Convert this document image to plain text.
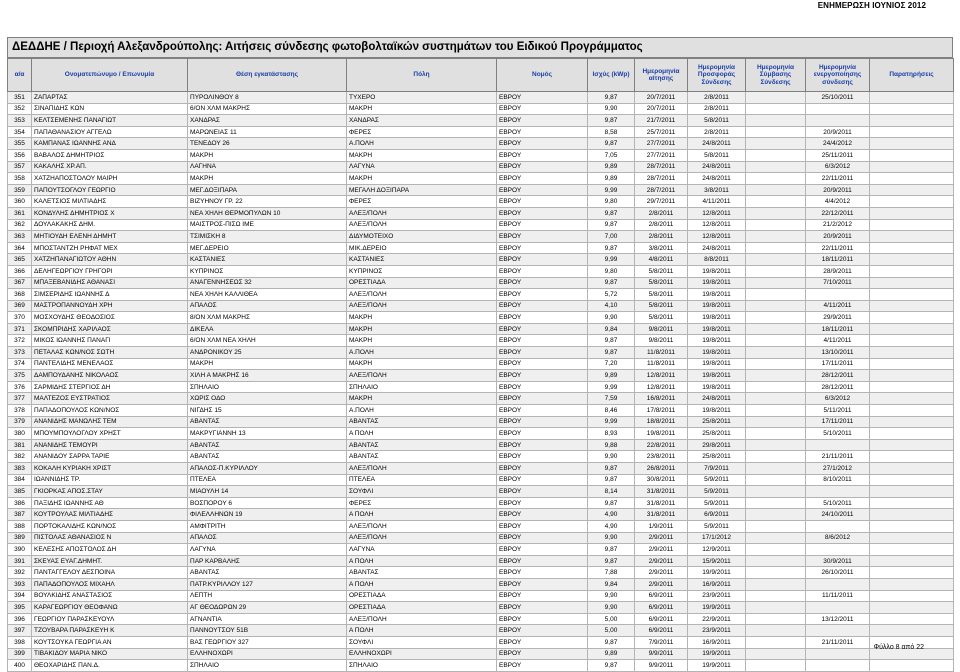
ΕΝΗΜΕΡΩΣΗ ΙΟΥΝΙΟΣ 2012
ΔΕΔΔΗΕ / Περιοχή Αλεξανδρούπολης: Αιτήσεις σύνδεσης φωτοβολταϊκών συστημάτων του Ειδικού Προγράμματος
α/α	Ονοματεπώνυμο / Επωνυμία	Θέση εγκατάστασης	Πόλη	Νομός	Ισχύς (kWp)	Ημερομηνία αίτησης	Ημερομηνία Προσφοράς Σύνδεσης	Ημερομηνία Σύμβασης Σύνδεσης	Ημερομηνία ενεργοποίησης σύνδεσης	Παρατηρήσεις
351	ΖΑΠΑΡΤΑΣ	ΠΥΡΟΛΙΝΘΟΥ 8	ΤΥΧΕΡΟ	ΕΒΡΟΥ	9,87	20/7/2011	2/8/2011		25/10/2011	
352	ΣΙΝΑΠΙΔΗΣ ΚΩΝ	6/ΟΝ ΧΛΜ ΜΑΚΡΗΣ	ΜΑΚΡΗ	ΕΒΡΟΥ	9,90	20/7/2011	2/8/2011			
353	ΚΕΛΤΣΕΜΕΝΗΣ ΠΑΝΑΓΙΩΤ	ΧΑΝΔΡΑΣ	ΧΑΝΔΡΑΣ	ΕΒΡΟΥ	9,87	21/7/2011	5/8/2011			
354	ΠΑΠΑΘΑΝΑΣΙΟΥ ΑΓΓΕΛΩ	ΜΑΡΩΝΕΙΑΣ 11	ΦΕΡΕΣ	ΕΒΡΟΥ	8,58	25/7/2011	2/8/2011		20/9/2011	
355	ΚΑΜΠΑΝΑΣ ΙΩΑΝΝΗΣ ΑΝΔ	ΤΕΝΕΔΟΥ 26	Α.ΠΟΛΗ	ΕΒΡΟΥ	9,87	27/7/2011	24/8/2011		24/4/2012	
356	ΒΑΒΑΛΟΣ ΔΗΜΗΤΡΙΟΣ	ΜΑΚΡΗ	ΜΑΚΡΗ	ΕΒΡΟΥ	7,05	27/7/2011	5/8/2011		25/11/2011	
357	ΚΑΚΑΛΗΣ ΧΡ.ΑΠ.	ΛΑΓΗΝΑ	ΛΑΓΥΝΑ	ΕΒΡΟΥ	9,89	28/7/2011	24/8/2011		6/3/2012	
358	ΧΑΤΖΗΑΠΟΣΤΟΛΟΥ ΜΑΙΡΗ	ΜΑΚΡΗ	ΜΑΚΡΗ	ΕΒΡΟΥ	9,89	28/7/2011	24/8/2011		22/11/2011	
359	ΠΑΠΟΥΤΣΟΓΛΟΥ ΓΕΩΡΓΙΟ	ΜΕΓ.ΔΟΞΙΠΑΡΑ	ΜΕΓΑΛΗ ΔΟΞΙΠΑΡΑ	ΕΒΡΟΥ	9,99	28/7/2011	3/8/2011		20/9/2011	
360	ΚΑΛΕΤΣΙΟΣ ΜΙΛΤΙΑΔΗΣ	ΒΙΖΥΗΝΟΥ ΓΡ. 22	ΦΕΡΕΣ	ΕΒΡΟΥ	9,80	29/7/2011	4/11/2011		4/4/2012	
361	ΚΟΝΔΥΛΗΣ ΔΗΜΗΤΡΙΟΣ Χ	ΝΕΑ ΧΗΛΗ ΘΕΡΜΟΠΥΛΩΝ 10	ΑΛΕΞ/ΠΟΛΗ	ΕΒΡΟΥ	9,87	2/8/2011	12/8/2011		22/12/2011	
362	ΔΟΥΛΑΚΑΚΗΣ ΔΗΜ.	ΜΑΙΣΤΡΟΣ-ΠΙΣΩ ΙΜΕ	ΑΛΕΞ/ΠΟΛΗ	ΕΒΡΟΥ	9,87	2/8/2011	12/8/2011		21/2/2012	
363	ΜΗΤΙΟΥΔΗ ΕΛΕΝΗ ΔΗΜΗΤ	ΤΣΙΜΙΣΚΗ 8	ΔΙΔΥΜΟΤΕΙΧΟ	ΕΒΡΟΥ	7,00	2/8/2011	12/8/2011		20/9/2011	
364	ΜΠΟΣΤΑΝΤΖΗ ΡΗΦΑΤ ΜΕΧ	ΜΕΓ.ΔΕΡΕΙΟ	ΜΙΚ.ΔΕΡΕΙΟ	ΕΒΡΟΥ	9,87	3/8/2011	24/8/2011		22/11/2011	
365	ΧΑΤΖΗΠΑΝΑΓΙΩΤΟΥ ΑΘΗΝ	ΚΑΣΤΑΝΙΕΣ	ΚΑΣΤΑΝΙΕΣ	ΕΒΡΟΥ	9,99	4/8/2011	8/8/2011		18/11/2011	
366	ΔΕΛΗΓΕΩΡΓΙΟΥ ΓΡΗΓΟΡΙ	ΚΥΠΡΙΝΟΣ	ΚΥΠΡΙΝΟΣ	ΕΒΡΟΥ	9,80	5/8/2011	19/8/2011		28/9/2011	
367	ΜΠΑΞΕΒΑΝΙΔΗΣ ΑΘΑΝΑΣΙ	ΑΝΑΓΕΝΝΗΣΕΩΣ 32	ΟΡΕΣΤΙΑΔΑ	ΕΒΡΟΥ	9,87	5/8/2011	19/8/2011		7/10/2011	
368	ΣΙΜΣΕΡΙΔΗΣ ΙΩΑΝΝΗΣ Δ	ΝΕΑ ΧΗΛΗ ΚΑΛΛΙΘΕΑ	ΑΛΕΞ/ΠΟΛΗ	ΕΒΡΟΥ	5,72	5/8/2011	19/8/2011			
369	ΜΑΣΤΡΟΠΑΝΝΟΥΔΗ ΧΡΗ	ΑΠΑΛΟΣ	ΑΛΕΞ/ΠΟΛΗ	ΕΒΡΟΥ	4,10	5/8/2011	19/8/2011		4/11/2011	
370	ΜΟΣΧΟΥΔΗΣ ΘΕΟΔΟΣΙΟΣ	8/ΟΝ ΧΛΜ ΜΑΚΡΗΣ	ΜΑΚΡΗ	ΕΒΡΟΥ	9,90	5/8/2011	19/8/2011		29/9/2011	
371	ΣΚΟΜΠΡΙΔΗΣ ΧΑΡΙΛΑΟΣ	ΔΙΚΕΛΑ	ΜΑΚΡΗ	ΕΒΡΟΥ	9,84	9/8/2011	19/8/2011		18/11/2011	
372	ΜΙΚΟΣ ΙΩΑΝΝΗΣ ΠΑΝΑΓΙ	6/ΟΝ ΧΛΜ ΝΕΑ ΧΗΛΗ	ΜΑΚΡΗ	ΕΒΡΟΥ	9,87	9/8/2011	19/8/2011		4/11/2011	
373	ΠΕΤΑΛΑΣ ΚΩΝ/ΝΟΣ ΣΩΤΗ	ΑΝΔΡΟΝΙΚΟΥ 25	Α.ΠΟΛΗ	ΕΒΡΟΥ	9,87	11/8/2011	19/8/2011		13/10/2011	
374	ΠΑΝΤΕΛΙΔΗΣ ΜΕΝΕΛΑΟΣ	ΜΑΚΡΗ	ΜΑΚΡΗ	ΕΒΡΟΥ	7,20	11/8/2011	19/8/2011		17/11/2011	
375	ΔΑΜΠΟΥΔΑΝΗΣ ΝΙΚΟΛΑΟΣ	ΧΙΛΗ Α ΜΑΚΡΗΣ 16	ΑΛΕΞ/ΠΟΛΗ	ΕΒΡΟΥ	9,89	12/8/2011	19/8/2011		28/12/2011	
376	ΣΑΡΜΙΔΗΣ ΣΤΕΡΓΙΟΣ ΔΗ	ΣΠΗΛΑΙΟ	ΣΠΗΛΑΙΟ	ΕΒΡΟΥ	9,99	12/8/2011	19/8/2011		28/12/2011	
377	ΜΑΛΤΕΖΟΣ ΕΥΣΤΡΑΤΙΟΣ	ΧΩΡΙΣ ΟΔΟ	ΜΑΚΡΗ	ΕΒΡΟΥ	7,59	16/8/2011	24/8/2011		6/3/2012	
378	ΠΑΠΑΔΟΠΟΥΛΟΣ ΚΩΝ/ΝΟΣ	ΝΙΓΔΗΣ 15	Α.ΠΟΛΗ	ΕΒΡΟΥ	8,46	17/8/2011	19/8/2011		5/11/2011	
379	ΑΝΑΝΙΔΗΣ ΜΑΝΩΛΗΣ ΤΕΜ	ΑΒΑΝΤΑΣ	ΑΒΑΝΤΑΣ	ΕΒΡΟΥ	9,99	18/8/2011	25/8/2011		17/11/2011	
380	ΜΠΟΥΜΠΟΥΛΟΓΛΟΥ ΧΡΗΣΤ	ΜΑΚΡΥΓΙΑΝΝΗ 13	Α ΠΟΛΗ	ΕΒΡΟΥ	8,93	19/8/2011	25/8/2011		5/10/2011	
381	ΑΝΑΝΙΔΗΣ ΤΕΜΟΥΡΙ	ΑΒΑΝΤΑΣ	ΑΒΑΝΤΑΣ	ΕΒΡΟΥ	9,88	22/8/2011	29/8/2011			
382	ΑΝΑΝΙΔΟΥ ΣΑΡΡΑ ΤΑΡΙΕ	ΑΒΑΝΤΑΣ	ΑΒΑΝΤΑΣ	ΕΒΡΟΥ	9,90	23/8/2011	25/8/2011		21/11/2011	
383	ΚΟΚΑΛΗ ΚΥΡΙΑΚΗ ΧΡΙΣΤ	ΑΠΑΛΟΣ-Π.ΚΥΡΙΛΛΟΥ	ΑΛΕΞ/ΠΟΛΗ	ΕΒΡΟΥ	9,87	26/8/2011	7/9/2011		27/1/2012	
384	ΙΩΑΝΝΙΔΗΣ ΤΡ.	ΠΤΕΛΕΑ	ΠΤΕΛΕΑ	ΕΒΡΟΥ	9,87	30/8/2011	5/9/2011		8/10/2011	
385	ΓΚΙΟΡΚΑΣ ΑΠΟΣ.ΣΤΑΥ	ΜΙΑΟΥΛΗ 14	ΣΟΥΦΛΙ	ΕΒΡΟΥ	8,14	31/8/2011	5/9/2011			
386	ΠΑΞΙΔΗΣ ΙΩΑΝΝΗΣ ΑΘ	ΒΟΣΠΟΡΟΥ 6	ΦΕΡΕΣ	ΕΒΡΟΥ	9,87	31/8/2011	5/9/2011		5/10/2011	
387	ΚΟΥΤΡΟΥΛΑΣ ΜΙΛΤΙΑΔΗΣ	ΦΙΛΕΛΛΗΝΩΝ 19	Α ΠΟΛΗ	ΕΒΡΟΥ	4,90	31/8/2011	6/9/2011		24/10/2011	
388	ΠΟΡΤΟΚΑΛΙΔΗΣ ΚΩΝ/ΝΟΣ	ΑΜΦΙΤΡΙΤΗ	ΑΛΕΞ/ΠΟΛΗ	ΕΒΡΟΥ	4,90	1/9/2011	5/9/2011			
389	ΠΙΣΤΟΛΑΣ ΑΘΑΝΑΣΙΟΣ Ν	ΑΠΑΛΟΣ	ΑΛΕΞ/ΠΟΛΗ	ΕΒΡΟΥ	9,90	2/9/2011	17/1/2012		8/6/2012	
390	ΚΕΛΕΣΗΣ ΑΠΟΣΤΟΛΟΣ ΔΗ	ΛΑΓΥΝΑ	ΛΑΓΥΝΑ	ΕΒΡΟΥ	9,87	2/9/2011	12/9/2011			
391	ΣΚΕΥΑΣ ΕΥΑΓ.ΔΗΜΗΤ.	ΠΑΡ ΚΑΡΒΑΛΗΣ	Α ΠΟΛΗ	ΕΒΡΟΥ	9,87	2/9/2011	15/9/2011		30/9/2011	
392	ΠΑΝΤΑΓΓΕΛΟΥ ΔΕΣΠΟΙΝΑ	ΑΒΑΝΤΑΣ	ΑΒΑΝΤΑΣ	ΕΒΡΟΥ	7,88	2/9/2011	19/9/2011		26/10/2011	
393	ΠΑΠΑΔΟΠΟΥΛΟΣ ΜΙΧΑΗΛ	ΠΑΤΡ.ΚΥΡΙΛΛΟΥ 127	Α ΠΟΛΗ	ΕΒΡΟΥ	9,84	2/9/2011	16/9/2011			
394	ΒΟΥΛΚΙΔΗΣ ΑΝΑΣΤΑΣΙΟΣ	ΛΕΠΤΗ	ΟΡΕΣΤΙΑΔΑ	ΕΒΡΟΥ	9,90	6/9/2011	23/9/2011		11/11/2011	
395	ΚΑΡΑΓΕΩΡΓΙΟΥ ΘΕΟΦΑΝΩ	ΑΓ ΘΕΟΔΩΡΩΝ 29	ΟΡΕΣΤΙΑΔΑ	ΕΒΡΟΥ	9,90	6/9/2011	19/9/2011			
396	ΓΕΩΡΓΙΟΥ ΠΑΡΑΣΚΕΥΟΥΛ	ΑΓΝΑΝΤΙΑ	ΑΛΕΞ/ΠΟΛΗ	ΕΒΡΟΥ	5,00	6/9/2011	22/9/2011		13/12/2011	
397	ΤΖΟΥΒΑΡΑ ΠΑΡΑΣΚΕΥΗ Κ	ΠΑΝΝΟΥΤΣΟΥ 51Β	Α ΠΟΛΗ	ΕΒΡΟΥ	5,00	6/9/2011	23/9/2011			
398	ΚΟΥΤΣΟΥΚΑ ΓΕΩΡΓΙΑ ΑΝ	ΒΑΣ ΓΕΩΡΓΙΟΥ 327	ΣΟΥΦΛΙ	ΕΒΡΟΥ	9,87	7/9/2011	16/9/2011		21/11/2011	
399	ΤΙΒΑΚΙΔΟΥ ΜΑΡΙΑ ΝΙΚΟ	ΕΛΛΗΝΟΧΩΡΙ	ΕΛΛΗΝΟΧΩΡΙ	ΕΒΡΟΥ	9,89	9/9/2011	19/9/2011			
400	ΘΕΟΧΑΡΙΔΗΣ ΠΑΝ.Δ.	ΣΠΗΛΑΙΟ	ΣΠΗΛΑΙΟ	ΕΒΡΟΥ	9,87	9/9/2011	19/9/2011			
Φύλλο 8 από 22
